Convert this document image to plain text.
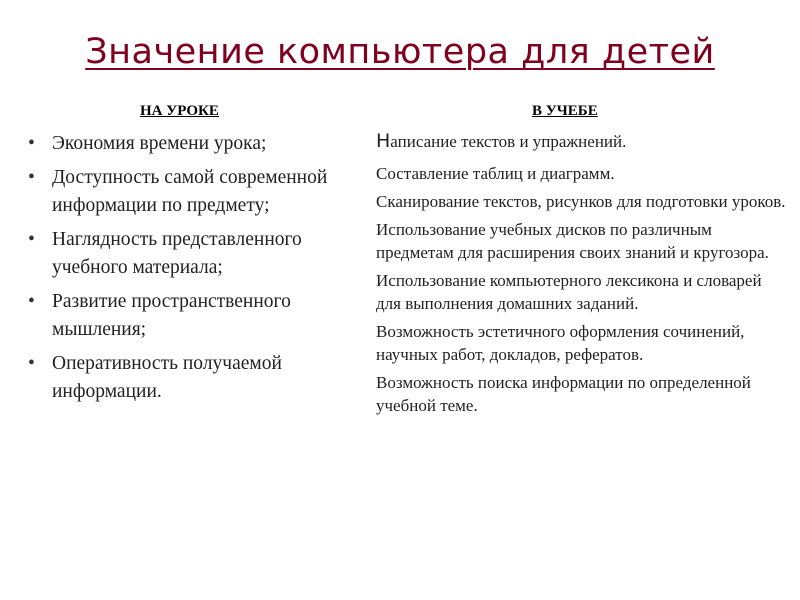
Значение компьютера для детей
НА УРОКЕ	В УЧЕБЕ
• Экономия времени урока;
• Доступность самой современной информации по предмету;
• Наглядность представленного учебного материала;
• Развитие пространственного мышления;
• Оперативность получаемой информации.
Написание текстов и упражнений.
Составление таблиц и диаграмм.
Сканирование текстов, рисунков для подготовки уроков.
Использование учебных дисков по различным предметам для расширения своих знаний и кругозора.
Использование компьютерного лексикона и словарей для выполнения домашних заданий.
Возможность эстетичного оформления сочинений, научных работ, докладов, рефератов.
Возможность поиска информации по определенной учебной теме.
